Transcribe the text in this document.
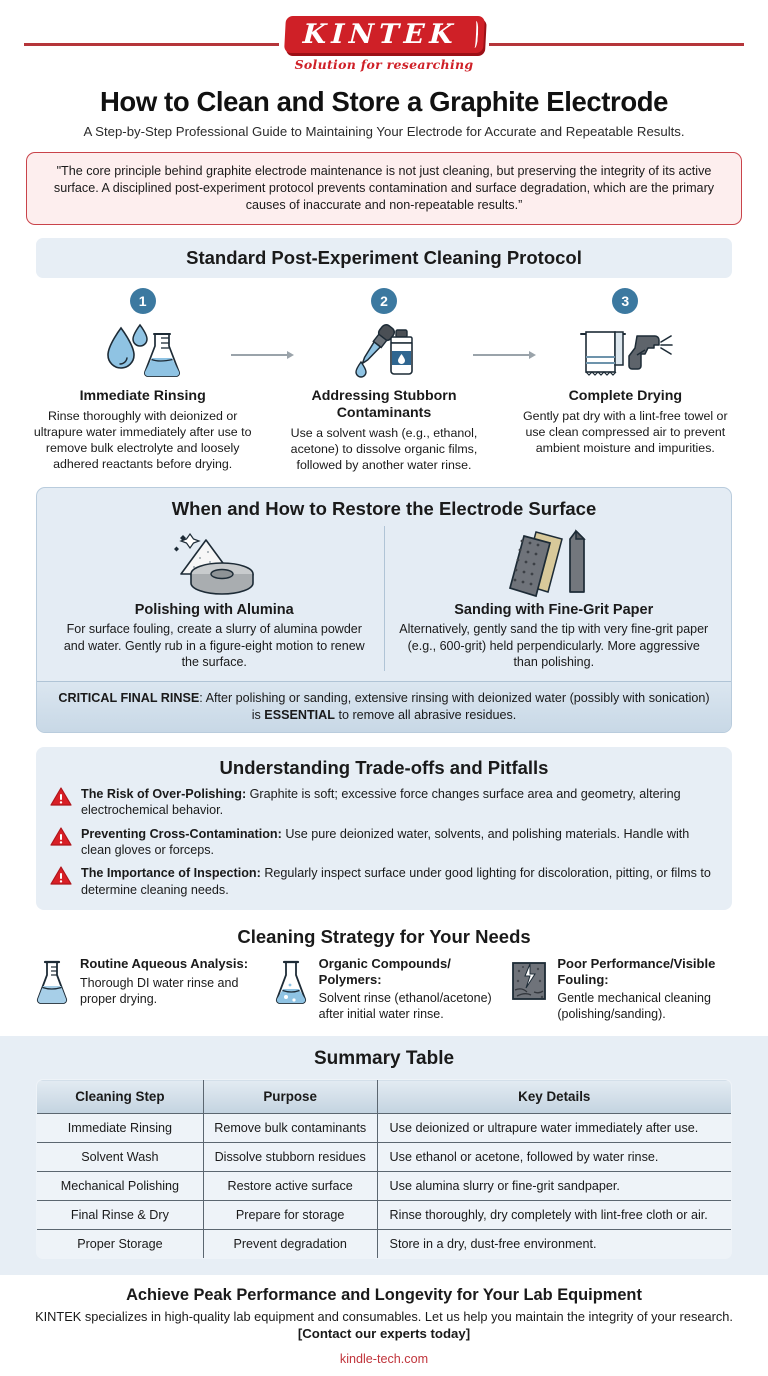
KINTEK
Solution for researching
How to Clean and Store a Graphite Electrode
A Step-by-Step Professional Guide to Maintaining Your Electrode for Accurate and Repeatable Results.
"The core principle behind graphite electrode maintenance is not just cleaning, but preserving the integrity of its active surface. A disciplined post-experiment protocol prevents contamination and surface degradation, which are the primary causes of inaccurate and non-repeatable results.”
Standard Post-Experiment Cleaning Protocol
1
Immediate Rinsing
Rinse thoroughly with deionized or ultrapure water immediately after use to remove bulk electrolyte and loosely adhered reactants before drying.
2
Addressing Stubborn Contaminants
Use a solvent wash (e.g., ethanol, acetone) to dissolve organic films, followed by another water rinse.
3
Complete Drying
Gently pat dry with a lint-free towel or use clean compressed air to prevent ambient moisture and impurities.
When and How to Restore the Electrode Surface
Polishing with Alumina
For surface fouling, create a slurry of alumina powder and water. Gently rub in a figure-eight motion to renew the surface.
Sanding with Fine-Grit Paper
Alternatively, gently sand the tip with very fine-grit paper (e.g., 600-grit) held perpendicularly. More aggressive than polishing.
CRITICAL FINAL RINSE: After polishing or sanding, extensive rinsing with deionized water (possibly with sonication) is ESSENTIAL to remove all abrasive residues.
Understanding Trade-offs and Pitfalls

The Risk of Over-Polishing: Graphite is soft; excessive force changes surface area and geometry, altering electrochemical behavior.

Preventing Cross-Contamination: Use pure deionized water, solvents, and polishing materials. Handle with clean gloves or forceps.

The Importance of Inspection: Regularly inspect surface under good lighting for discoloration, pitting, or films to determine cleaning needs.

Cleaning Strategy for Your Needs
Routine Aqueous Analysis:
Thorough DI water rinse and proper drying.
Organic Compounds/ Polymers:
Solvent rinse (ethanol/acetone) after initial water rinse.
Poor Performance/Visible Fouling:
Gentle mechanical cleaning (polishing/sanding).
Summary Table
Cleaning Step	Purpose	Key Details
Immediate Rinsing	Remove bulk contaminants	Use deionized or ultrapure water immediately after use.
Solvent Wash	Dissolve stubborn residues	Use ethanol or acetone, followed by water rinse.
Mechanical Polishing	Restore active surface	Use alumina slurry or fine-grit sandpaper.
Final Rinse & Dry	Prepare for storage	Rinse thoroughly, dry completely with lint-free cloth or air.
Proper Storage	Prevent degradation	Store in a dry, dust-free environment.
Achieve Peak Performance and Longevity for Your Lab Equipment

KINTEK specializes in high-quality lab equipment and consumables. Let us help you maintain the integrity of your research.

[Contact our experts today]
kindle-tech.com
